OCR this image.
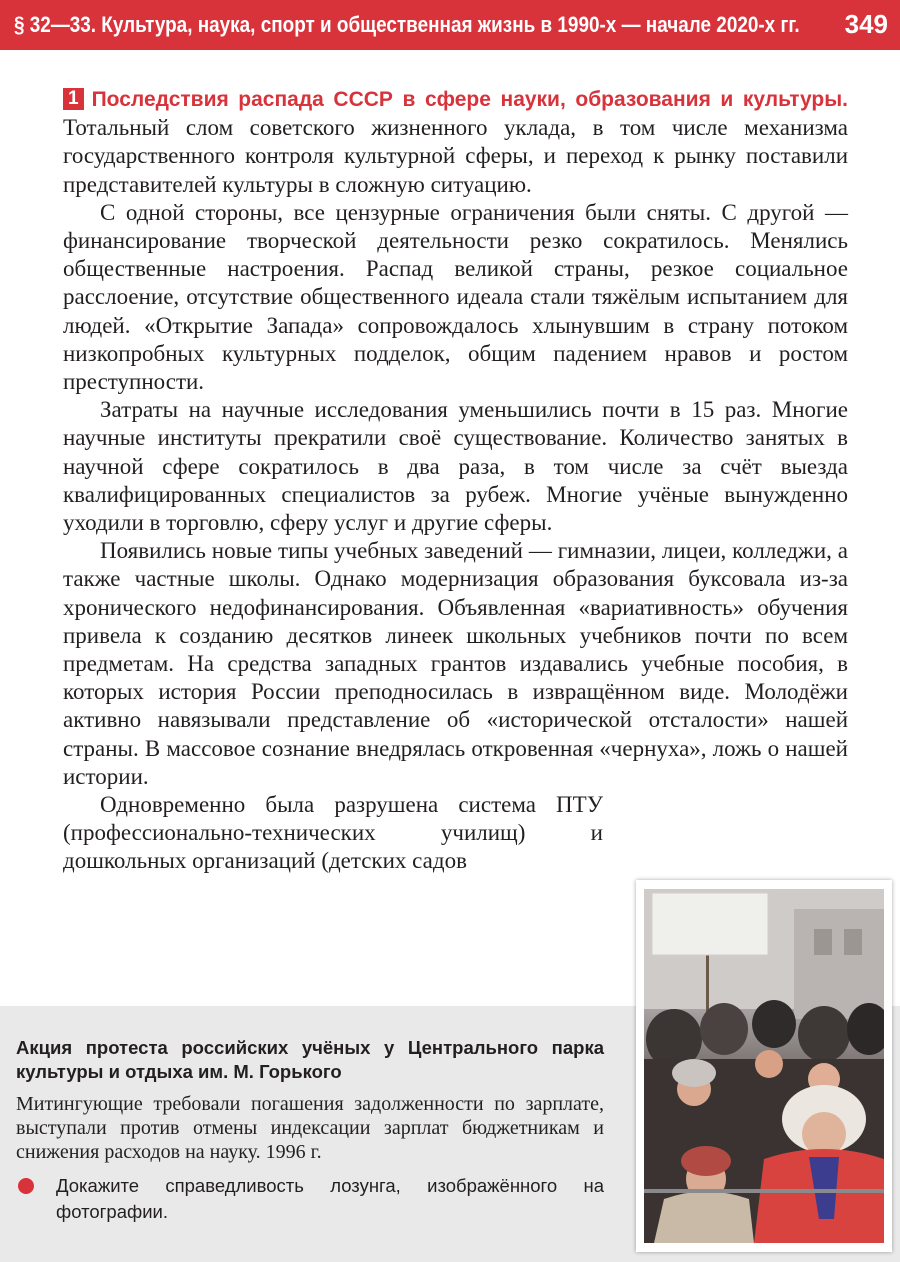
§ 32—33. Культура, наука, спорт и общественная жизнь в 1990-х — начале 2020-х гг. 349

1 Последствия распада СССР в сфере науки, образования и культуры. Тотальный слом советского жизненного уклада, в том числе механизма государственного контроля культурной сферы, и переход к рынку поставили представителей культуры в сложную ситуацию.

С одной стороны, все цензурные ограничения были сняты. С другой — финансирование творческой деятельности резко сократилось. Менялись общественные настроения. Распад великой страны, резкое социальное расслоение, отсутствие общественного идеала стали тяжёлым испытанием для людей. «Открытие Запада» сопровождалось хлынувшим в страну потоком низкопробных культурных подделок, общим падением нравов и ростом преступности.

Затраты на научные исследования уменьшились почти в 15 раз. Многие научные институты прекратили своё существование. Количество занятых в научной сфере сократилось в два раза, в том числе за счёт выезда квалифицированных специалистов за рубеж. Многие учёные вынужденно уходили в торговлю, сферу услуг и другие сферы.

Появились новые типы учебных заведений — гимназии, лицеи, колледжи, а также частные школы. Однако модернизация образования буксовала из-за хронического недофинансирования. Объявленная «вариативность» обучения привела к созданию десятков линеек школьных учебников почти по всем предметам. На средства западных грантов издавались учебные пособия, в которых история России преподносилась в извращённом виде. Молодёжи активно навязывали представление об «исторической отсталости» нашей страны. В массовое сознание внедрялась откровенная «чернуха», ложь о нашей истории.

Одновременно была разрушена система ПТУ (профессионально-технических училищ) и дошкольных организаций (детских садов

Акция протеста российских учёных у Центрального парка культуры и отдыха им. М. Горького

Митингующие требовали погашения задолженности по зарплате, выступали против отмены индексации зарплат бюджетникам и снижения расходов на науку. 1996 г.

Докажите справедливость лозунга, изображённого на фотографии.
